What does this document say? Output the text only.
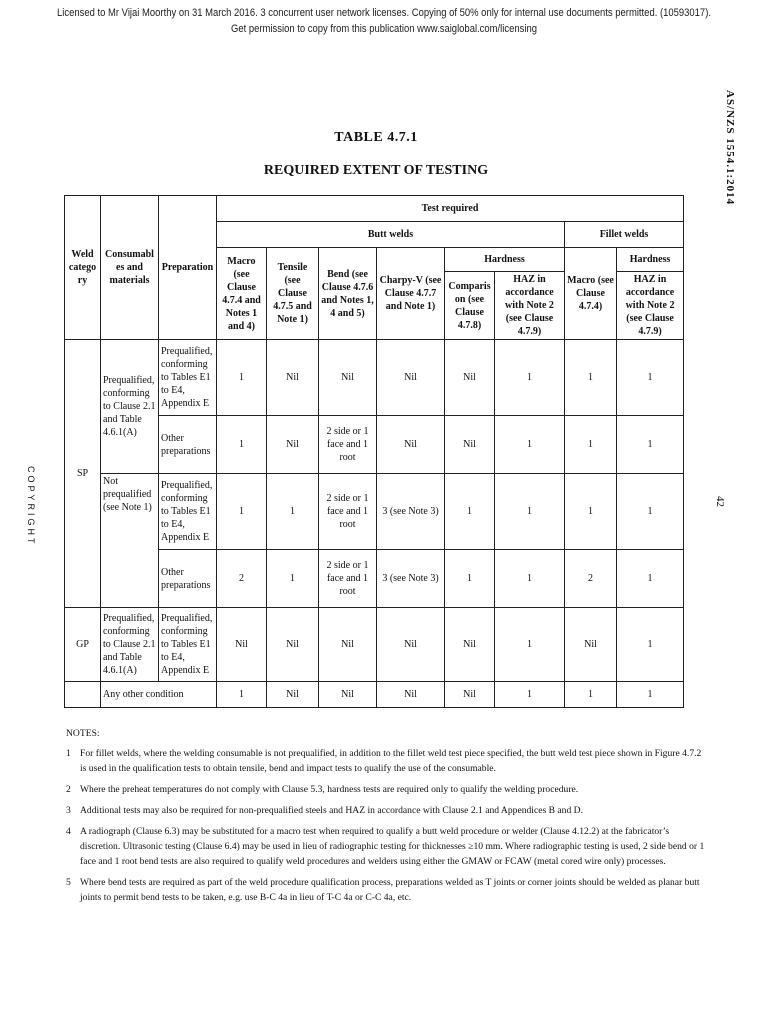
Licensed to Mr Vijai Moorthy on 31 March 2016. 3 concurrent user network licenses. Copying of 50% only for internal use documents permitted. (10593017).
Get permission to copy from this publication www.saiglobal.com/licensing
AS/NZS 1554.1:2014
42
COPYRIGHT
TABLE 4.7.1
REQUIRED EXTENT OF TESTING
Weld category	Consumables and materials	Preparation	Test required							
			Butt welds						Fillet welds	
			Macro (see Clause 4.7.4 and Notes 1 and 4)	Tensile (see Clause 4.7.5 and Note 1)	Bend (see Clause 4.7.6 and Notes 1, 4 and 5)	Charpy-V (see Clause 4.7.7 and Note 1)	Hardness		Macro (see Clause 4.7.4)	Hardness
							Comparison (see Clause 4.7.8)	HAZ in accordance with Note 2 (see Clause 4.7.9)		HAZ in accordance with Note 2 (see Clause 4.7.9)
SP	Prequalified, conforming to Clause 2.1 and Table 4.6.1(A)	Prequalified, conforming to Tables E1 to E4, Appendix E	1	Nil	Nil	Nil	Nil	1	1	1
		Other preparations	1	Nil	2 side or 1 face and 1 root	Nil	Nil	1	1	1
	Not prequalified (see Note 1)	Prequalified, conforming to Tables E1 to E4, Appendix E	1	1	2 side or 1 face and 1 root	3 (see Note 3)	1	1	1	1
		Other preparations	2	1	2 side or 1 face and 1 root	3 (see Note 3)	1	1	2	1
GP	Prequalified, conforming to Clause 2.1 and Table 4.6.1(A)	Prequalified, conforming to Tables E1 to E4, Appendix E	Nil	Nil	Nil	Nil	Nil	1	Nil	1
	Any other condition		1	Nil	Nil	Nil	Nil	1	1	1
NOTES:
1 For fillet welds, where the welding consumable is not prequalified, in addition to the fillet weld test piece specified, the butt weld test piece shown in Figure 4.7.2 is used in the qualification tests to obtain tensile, bend and impact tests to qualify the use of the consumable.
2 Where the preheat temperatures do not comply with Clause 5.3, hardness tests are required only to qualify the welding procedure.
3 Additional tests may also be required for non-prequalified steels and HAZ in accordance with Clause 2.1 and Appendices B and D.
4 A radiograph (Clause 6.3) may be substituted for a macro test when required to qualify a butt weld procedure or welder (Clause 4.12.2) at the fabricator’s discretion. Ultrasonic testing (Clause 6.4) may be used in lieu of radiographic testing for thicknesses ≥10 mm. Where radiographic testing is used, 2 side bend or 1 face and 1 root bend tests are also required to qualify weld procedures and welders using either the GMAW or FCAW (metal cored wire only) processes.
5 Where bend tests are required as part of the weld procedure qualification process, preparations welded as T joints or corner joints should be welded as planar butt joints to permit bend tests to be taken, e.g. use B-C 4a in lieu of T-C 4a or C-C 4a, etc.
